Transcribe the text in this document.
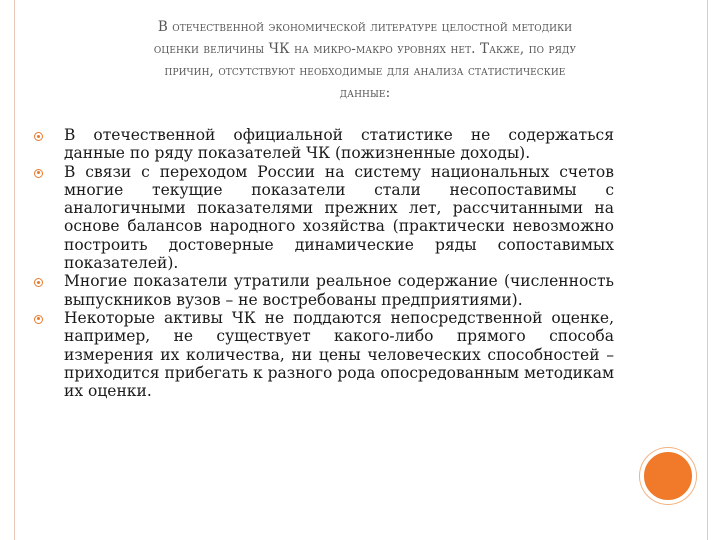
В отечественной экономической литературе целостной методики
оценки величины ЧК на микро-макро уровнях нет. Также, по ряду
причин, отсутствуют необходимые для анализа статистические
данные:
В отечественной официальной статистике не содержаться данные по ряду показателей ЧК (пожизненные доходы).
В связи с переходом России на систему национальных счетов многие текущие показатели стали несопоставимы с аналогичными показателями прежних лет, рассчитанными на основе балансов народного хозяйства (практически невозможно построить достоверные динамические ряды сопоставимых показателей).
Многие показатели утратили реальное содержание (численность выпускников вузов – не востребованы предприятиями).
Некоторые активы ЧК не поддаются непосредственной оценке, например, не существует какого-либо прямого способа измерения их количества, ни цены человеческих способностей – приходится прибегать к разного рода опосредованным методикам их оценки.
